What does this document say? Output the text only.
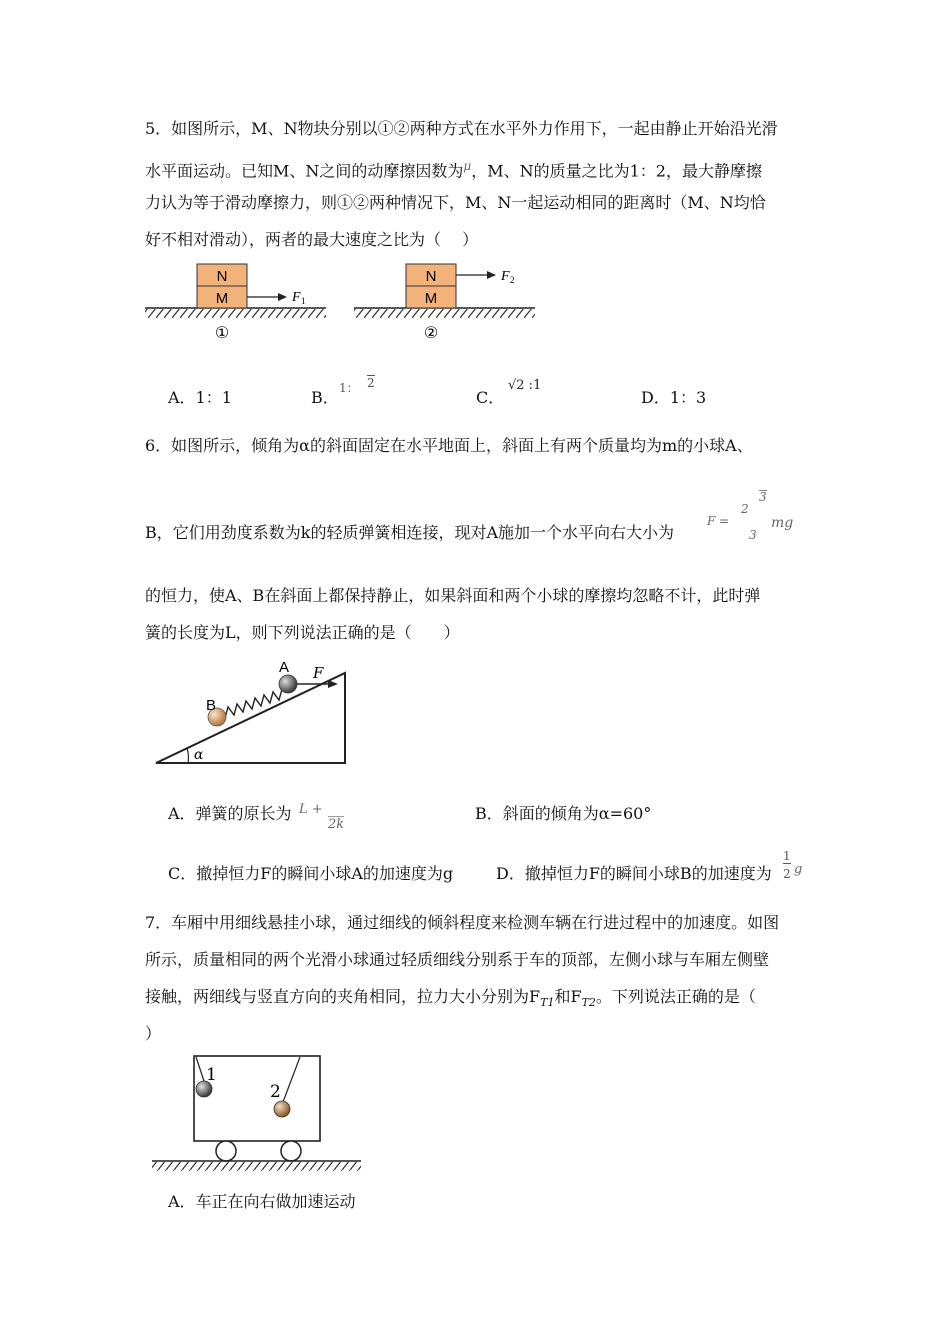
5．如图所示，M、N物块分别以①②两种方式在水平外力作用下，一起由静止开始沿光滑
水平面运动。已知M、N之间的动摩擦因数为$^\mu$，M、N的质量之比为1：2，最大静摩擦
力认为等于滑动摩擦力，则①②两种情况下，M、N一起运动相同的距离时（M、N均恰
好不相对滑动），两者的最大速度之比为（　 ）
N
M	F 1
①
N
M
F 2
②
A．1：1	B． 1： 2
C．
√2 :1
D．1：3
6．如图所示，倾角为α的斜面固定在水平地面上，斜面上有两个质量均为m的小球A、
B，它们用劲度系数为k的轻质弹簧相连接，现对A施加一个水平向右大小为
F =
2
3
3
mg
的恒力，使A、B在斜面上都保持静止，如果斜面和两个小球的摩擦均忽略不计，此时弹
簧的长度为L，则下列说法正确的是（　　）
α
B
A F
A．弹簧的原长为 L +
2k
B．斜面的倾角为α=60°
C．撤掉恒力F的瞬间小球A的加速度为g	D．撤掉恒力F的瞬间小球B的加速度为
1
2 g
7．车厢中用细线悬挂小球，通过细线的倾斜程度来检测车辆在行进过程中的加速度。如图
所示，质量相同的两个光滑小球通过轻质细线分别系于车的顶部，左侧小球与车厢左侧壁
接触，两细线与竖直方向的夹角相同，拉力大小分别为$F_{T1}$和$F_{T2}$。下列说法正确的是（
）
1
2
A．车正在向右做加速运动
